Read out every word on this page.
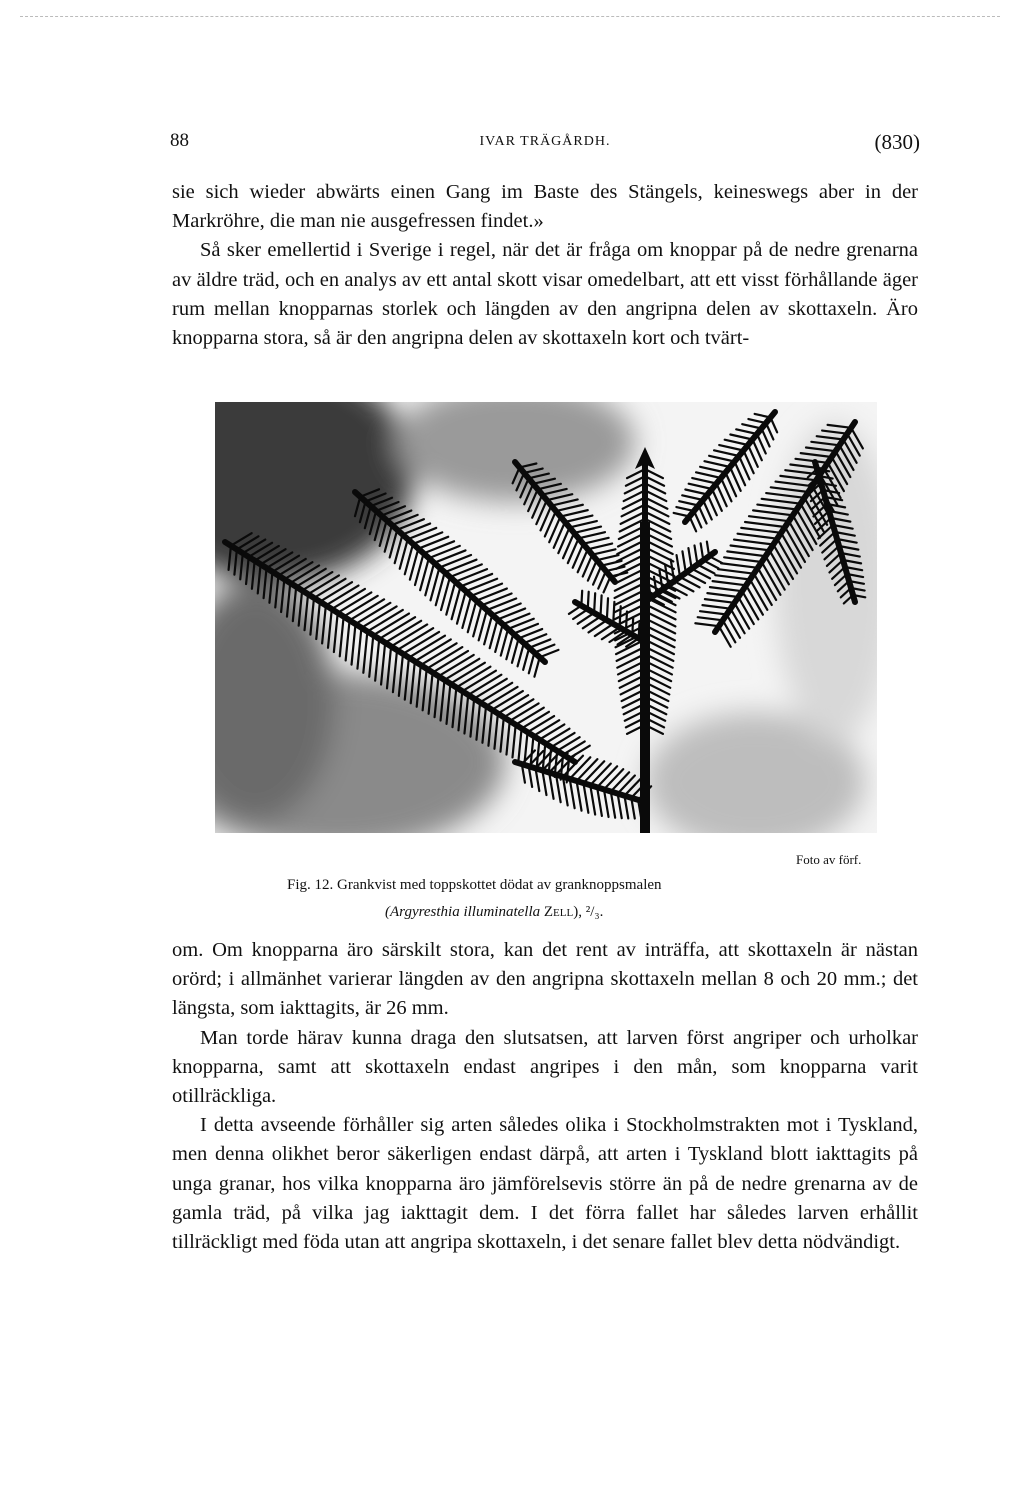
88	IVAR TRÄGÅRDH.	(830)

sie sich wieder abwärts einen Gang im Baste des Stängels, keineswegs aber in der Markröhre, die man nie ausgefressen findet.»

Så sker emellertid i Sverige i regel, när det är fråga om knoppar på de nedre grenarna av äldre träd, och en analys av ett antal skott visar omedelbart, att ett visst förhållande äger rum mellan knopparnas storlek och längden av den angripna delen av skottaxeln. Äro knopparna stora, så är den angripna delen av skottaxeln kort och tvärt-

Foto av förf.
Fig. 12. Grankvist med toppskottet dödat av granknoppsmalen
(Argyresthia illuminatella Zell), ²/₃.

om. Om knopparna äro särskilt stora, kan det rent av inträffa, att skottaxeln är nästan orörd; i allmänhet varierar längden av den angripna skottaxeln mellan 8 och 20 mm.; det längsta, som iakttagits, är 26 mm.

Man torde härav kunna draga den slutsatsen, att larven först angriper och urholkar knopparna, samt att skottaxeln endast angripes i den mån, som knopparna varit otillräckliga.

I detta avseende förhåller sig arten således olika i Stockholmstrakten mot i Tyskland, men denna olikhet beror säkerligen endast därpå, att arten i Tyskland blott iakttagits på unga granar, hos vilka knopparna äro jämförelsevis större än på de nedre grenarna av de gamla träd, på vilka jag iakttagit dem. I det förra fallet har således larven erhållit tillräckligt med föda utan att angripa skottaxeln, i det senare fallet blev detta nödvändigt.
